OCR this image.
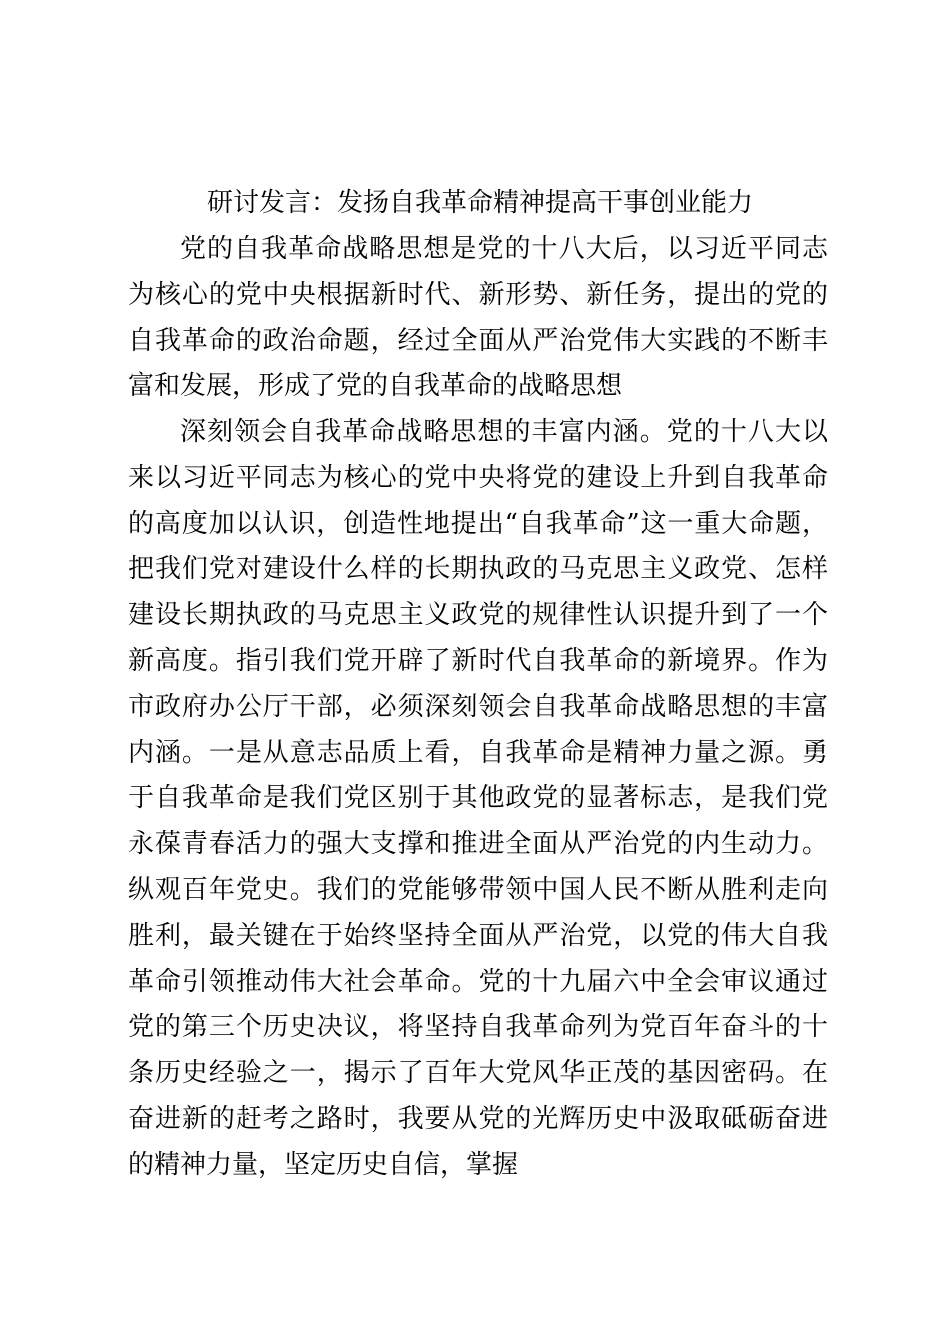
研讨发言：发扬自我革命精神提高干事创业能力

党的自我革命战略思想是党的十八大后，以习近平同志为核心的党中央根据新时代、新形势、新任务，提出的党的自我革命的政治命题，经过全面从严治党伟大实践的不断丰富和发展，形成了党的自我革命的战略思想

深刻领会自我革命战略思想的丰富内涵。党的十八大以来以习近平同志为核心的党中央将党的建设上升到自我革命的高度加以认识，创造性地提出“自我革命”这一重大命题，把我们党对建设什么样的长期执政的马克思主义政党、怎样建设长期执政的马克思主义政党的规律性认识提升到了一个新高度。指引我们党开辟了新时代自我革命的新境界。作为市政府办公厅干部，必须深刻领会自我革命战略思想的丰富内涵。一是从意志品质上看，自我革命是精神力量之源。勇于自我革命是我们党区别于其他政党的显著标志，是我们党永葆青春活力的强大支撑和推进全面从严治党的内生动力。纵观百年党史。我们的党能够带领中国人民不断从胜利走向胜利，最关键在于始终坚持全面从严治党，以党的伟大自我革命引领推动伟大社会革命。党的十九届六中全会审议通过党的第三个历史决议，将坚持自我革命列为党百年奋斗的十条历史经验之一，揭示了百年大党风华正茂的基因密码。在奋进新的赶考之路时，我要从党的光辉历史中汲取砥砺奋进的精神力量，坚定历史自信，掌握
